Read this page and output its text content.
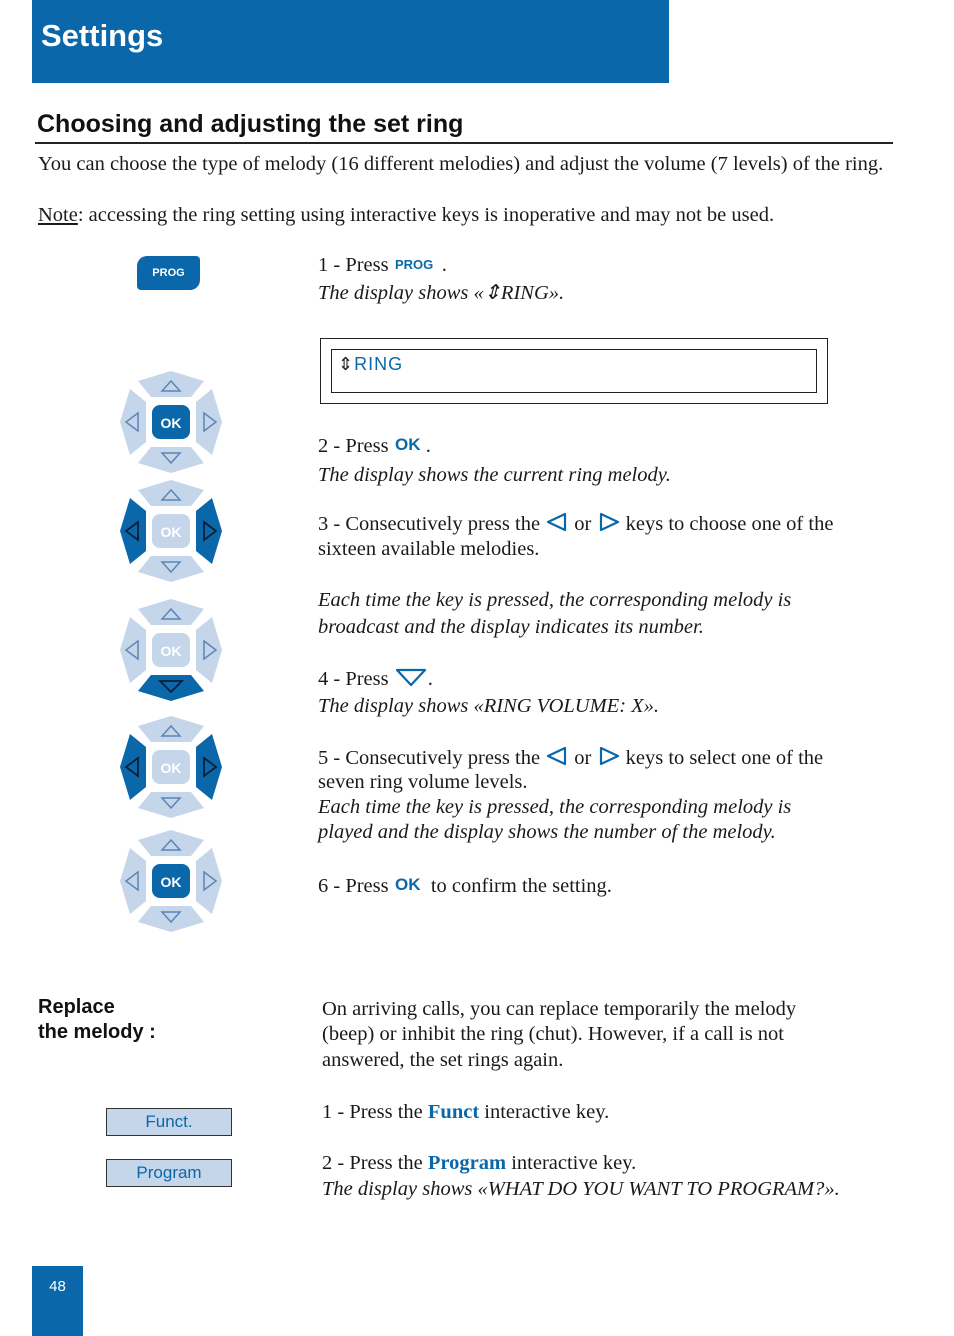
Settings
Choosing and adjusting the set ring
You can choose the type of melody (16 different melodies) and adjust the volume (7 levels) of the ring.
Note: accessing the ring setting using interactive keys is inoperative and may not be used.
PROG	1 - Press PROG .
The display shows «⇕RING».
⇕RING
OK
OK
OK
OK
OK
2 - Press OK .
The display shows the current ring melody.
3 - Consecutively press the  or  keys to choose one of the
sixteen available melodies.
Each time the key is pressed, the corresponding melody is
broadcast and the display indicates its number.
4 - Press .
The display shows «RING VOLUME: X».
5 - Consecutively press the  or  keys to select one of the
seven ring volume levels.
Each time the key is pressed, the corresponding melody is
played and the display shows the number of the melody.
6 - Press OK to confirm the setting.
Replace
the melody :
On arriving calls, you can replace temporarily the melody
(beep) or inhibit the ring (chut). However, if a call is not
answered, the set rings again.
Funct.
Program
1 - Press the Funct interactive key.
2 - Press the Program interactive key.
The display shows «WHAT DO YOU WANT TO PROGRAM?».
48
